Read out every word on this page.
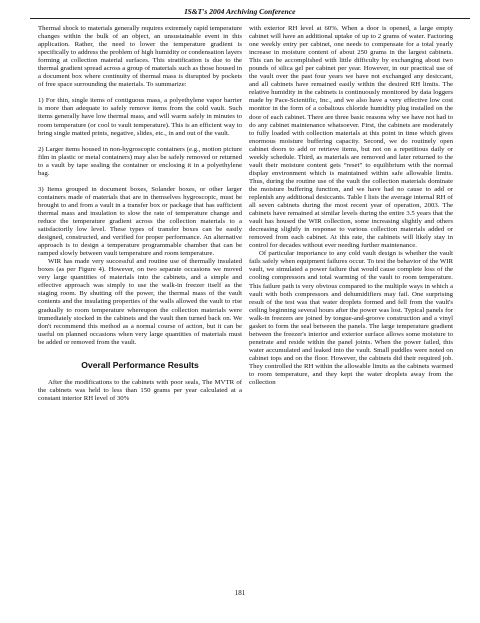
IS&T's 2004 Archiving Conference

Thermal shock to materials generally requires extremely rapid temperature changes within the bulk of an object, an unsustainable event in this application. Rather, the need to lower the temperature gradient is specifically to address the problem of high humidity or condensation layers forming at collection material surfaces. This stratification is due to the thermal gradient spread across a group of materials such as those housed in a document box where continuity of thermal mass is disrupted by pockets of free space surrounding the materials. To summarize:

1) For thin, single items of contiguous mass, a polyethylene vapor barrier is more than adequate to safely remove items from the cold vault. Such items generally have low thermal mass, and will warm safely in minutes to room temperature (or cool to vault temperature). This is an efficient way to bring single matted prints, negative, slides, etc., in and out of the vault.

2) Larger items housed in non-hygroscopic containers (e.g., motion picture film in plastic or metal containers) may also be safely removed or returned to a vault by tape sealing the container or enclosing it in a polyethylene bag.

3) Items grouped in document boxes, Solander boxes, or other larger containers made of materials that are in themselves hygroscopic, must be brought to and from a vault in a transfer box or package that has sufficient thermal mass and insulation to slow the rate of temperature change and reduce the temperature gradient across the collection materials to a satisfactorily low level. These types of transfer boxes can be easily designed, constructed, and verified for proper performance. An alternative approach is to design a temperature programmable chamber that can be ramped slowly between vault temperature and room temperature.

WIR has made very successful and routine use of thermally insulated boxes (as per Figure 4). However, on two separate occasions we moved very large quantities of materials into the cabinets, and a simple and effective approach was simply to use the walk-in freezer itself as the staging room. By shutting off the power, the thermal mass of the vault contents and the insulating properties of the walls allowed the vault to rise gradually to room temperature whereupon the collection materials were immediately stocked in the cabinets and the vault then turned back on. We don't recommend this method as a normal course of action, but it can be useful on planned occasions when very large quantities of materials must be added or removed from the vault.

Overall Performance Results

After the modifications to the cabinets with poor seals, The MVTR of the cabinets was held to less than 150 grams per year calculated at a constant interior RH level of 30%

with exterior RH level at 60%. When a door is opened, a large empty cabinet will have an additional uptake of up to 2 grams of water. Factoring one weekly entry per cabinet, one needs to compensate for a total yearly increase in moisture content of about 250 grams in the largest cabinets. This can be accomplished with little difficulty by exchanging about two pounds of silica gel per cabinet per year. However, in our practical use of the vault over the past four years we have not exchanged any desiccant, and all cabinets have remained easily within the desired RH limits. The relative humidity in the cabinets is continuously monitored by data loggers made by Pace-Scientific, Inc., and we also have a very effective low cost monitor in the form of a cobaltous chloride humidity plug installed on the door of each cabinet. There are three basic reasons why we have not had to do any cabinet maintenance whatsoever. First, the cabinets are moderately to fully loaded with collection materials at this point in time which gives enormous moisture buffering capacity. Second, we do routinely open cabinet doors to add or retrieve items, but not on a repetitious daily or weekly schedule. Third, as materials are removed and later returned to the vault their moisture content gets “reset” to equilibrium with the normal display environment which is maintained within safe allowable limits. Thus, during the routine use of the vault the collection materials dominate the moisture buffering function, and we have had no cause to add or replenish any additional desiccants. Table I lists the average internal RH of all seven cabinets during the most recent year of operation, 2003. The cabinets have remained at similar levels during the entire 3.5 years that the vault has housed the WIR collection, some increasing slightly and others decreasing slightly in response to various collection materials added or removed from each cabinet. At this rate, the cabinets will likely stay in control for decades without ever needing further maintenance.

Of particular importance to any cold vault design is whether the vault fails safely when equipment failures occur. To test the behavior of the WIR vault, we simulated a power failure that would cause complete loss of the cooling compressors and total warming of the vault to room temperature. This failure path is very obvious compared to the multiple ways in which a vault with both compressors and dehumidifiers may fail. One surprising result of the test was that water droplets formed and fell from the vault's ceiling beginning several hours after the power was lost. Typical panels for walk-in freezers are joined by tongue-and-groove construction and a vinyl gasket to form the seal between the panels. The large temperature gradient between the freezer's interior and exterior surface allows some moisture to penetrate and reside within the panel joints. When the power failed, this water accumulated and leaked into the vault. Small puddles were noted on cabinet tops and on the floor. However, the cabinets did their required job. They controlled the RH within the allowable limits as the cabinets warmed to room temperature, and they kept the water droplets away from the collection

181
